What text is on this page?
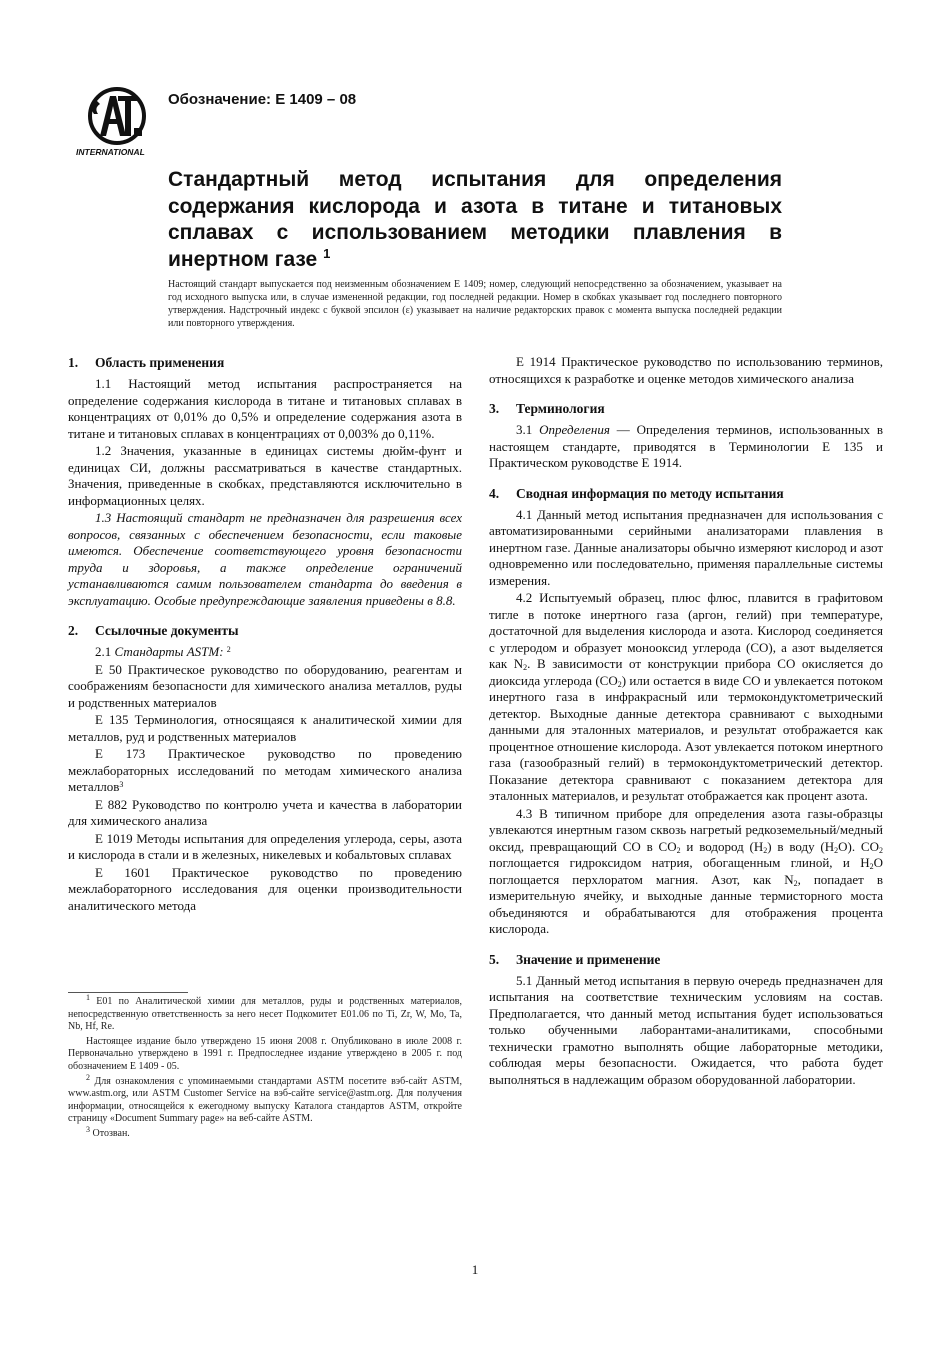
INTERNATIONAL
Обозначение: E 1409 – 08
Стандартный метод испытания для определения содержания кислорода и азота в титане и титановых сплавах с использованием методики плавления в инертном газе $^1$
Настоящий стандарт выпускается под неизменным обозначением E 1409; номер, следующий непосредственно за обозначением, указывает на год исходного выпуска или, в случае измененной редакции, год последней редакции. Номер в скобках указывает год последнего повторного утверждения. Надстрочный индекс с буквой эпсилон (ε) указывает на наличие редакторских правок с момента выпуска последней редакции или повторного утверждения.
1. Область применения

1.1 Настоящий метод испытания распространяется на определение содержания кислорода в титане и титановых сплавах в концентрациях от 0,01% до 0,5% и определение содержания азота в титане и титановых сплавах в концентрациях от 0,003% до 0,11%.

1.2 Значения, указанные в единицах системы дюйм-фунт и единицах СИ, должны рассматриваться в качестве стандартных. Значения, приведенные в скобках, представляются исключительно в информационных целях.

1.3 Настоящий стандарт не предназначен для разрешения всех вопросов, связанных с обеспечением безопасности, если таковые имеются. Обеспечение соответствующего уровня безопасности труда и здоровья, а также определение ограничений устанавливаются самим пользователем стандарта до введения в эксплуатацию. Особые предупреждающие заявления приведены в 8.8.

2. Ссылочные документы

2.1 Стандарты ASTM: $^2$

E 50 Практическое руководство по оборудованию, реагентам и соображениям безопасности для химического анализа металлов, руды и родственных материалов

E 135 Терминология, относящаяся к аналитической химии для металлов, руд и родственных материалов

E 173 Практическое руководство по проведению межлабораторных исследований по методам химического анализа металлов$^3$

E 882 Руководство по контролю учета и качества в лаборатории для химического анализа

E 1019 Методы испытания для определения углерода, серы, азота и кислорода в стали и в железных, никелевых и кобальтовых сплавах

E 1601 Практическое руководство по проведению межлабораторного исследования для оценки производительности аналитического метода

$^1$ E01 по Аналитической химии для металлов, руды и родственных материалов, непосредственную ответственность за него несет Подкомитет E01.06 по Ti, Zr, W, Mo, Ta, Nb, Hf, Re.

Настоящее издание было утверждено 15 июня 2008 г. Опубликовано в июле 2008 г. Первоначально утверждено в 1991 г. Предпоследнее издание утверждено в 2005 г. под обозначением E 1409 - 05.

$^2$ Для ознакомления с упоминаемыми стандартами ASTM посетите вэб-сайт ASTM, www.astm.org, или ASTM Customer Service на вэб-сайте service@astm.org. Для получения информации, относящейся к ежегодному выпуску Каталога стандартов ASTM, откройте страницу «Document Summary page» на веб-сайте ASTM.

$^3$ Отозван.

E 1914 Практическое руководство по использованию терминов, относящихся к разработке и оценке методов химического анализа

3. Терминология

3.1 Определения — Определения терминов, использованных в настоящем стандарте, приводятся в Терминологии E 135 и Практическом руководстве E 1914.

4. Сводная информация по методу испытания

4.1 Данный метод испытания предназначен для использования с автоматизированными серийными анализаторами плавления в инертном газе. Данные анализаторы обычно измеряют кислород и азот одновременно или последовательно, применяя параллельные системы измерения.

4.2 Испытуемый образец, плюс флюс, плавится в графитовом тигле в потоке инертного газа (аргон, гелий) при температуре, достаточной для выделения кислорода и азота. Кислород соединяется с углеродом и образует монооксид углерода (CO), а азот выделяется как $N_2$. В зависимости от конструкции прибора CO окисляется до диоксида углерода $(CO_2)$ или остается в виде CO и увлекается потоком инертного газа в инфракрасный или термокондуктометрический детектор. Выходные данные детектора сравнивают с выходными данными для эталонных материалов, и результат отображается как процентное отношение кислорода. Азот увлекается потоком инертного газа (газообразный гелий) в термокондуктометрический детектор. Показание детектора сравнивают с показанием детектора для эталонных материалов, и результат отображается как процент азота.

4.3 В типичном приборе для определения азота газы-образцы увлекаются инертным газом сквозь нагретый редкоземельный/медный оксид, превращающий CO в $CO_2$ и водород $(H_2)$ в воду $(H_2O)$. $CO_2$ поглощается гидроксидом натрия, обогащенным глиной, и $H_2O$ поглощается перхлоратом магния. Азот, как $N_2$, попадает в измерительную ячейку, и выходные данные термисторного моста объединяются и обрабатываются для отображения процента кислорода.

5. Значение и применение

5.1 Данный метод испытания в первую очередь предназначен для испытания на соответствие техническим условиям на состав. Предполагается, что данный метод испытания будет использоваться только обученными лаборантами-аналитиками, способными технически грамотно выполнять общие лабораторные методики, соблюдая меры безопасности. Ожидается, что работа будет выполняться в надлежащим образом оборудованной лаборатории.

1
